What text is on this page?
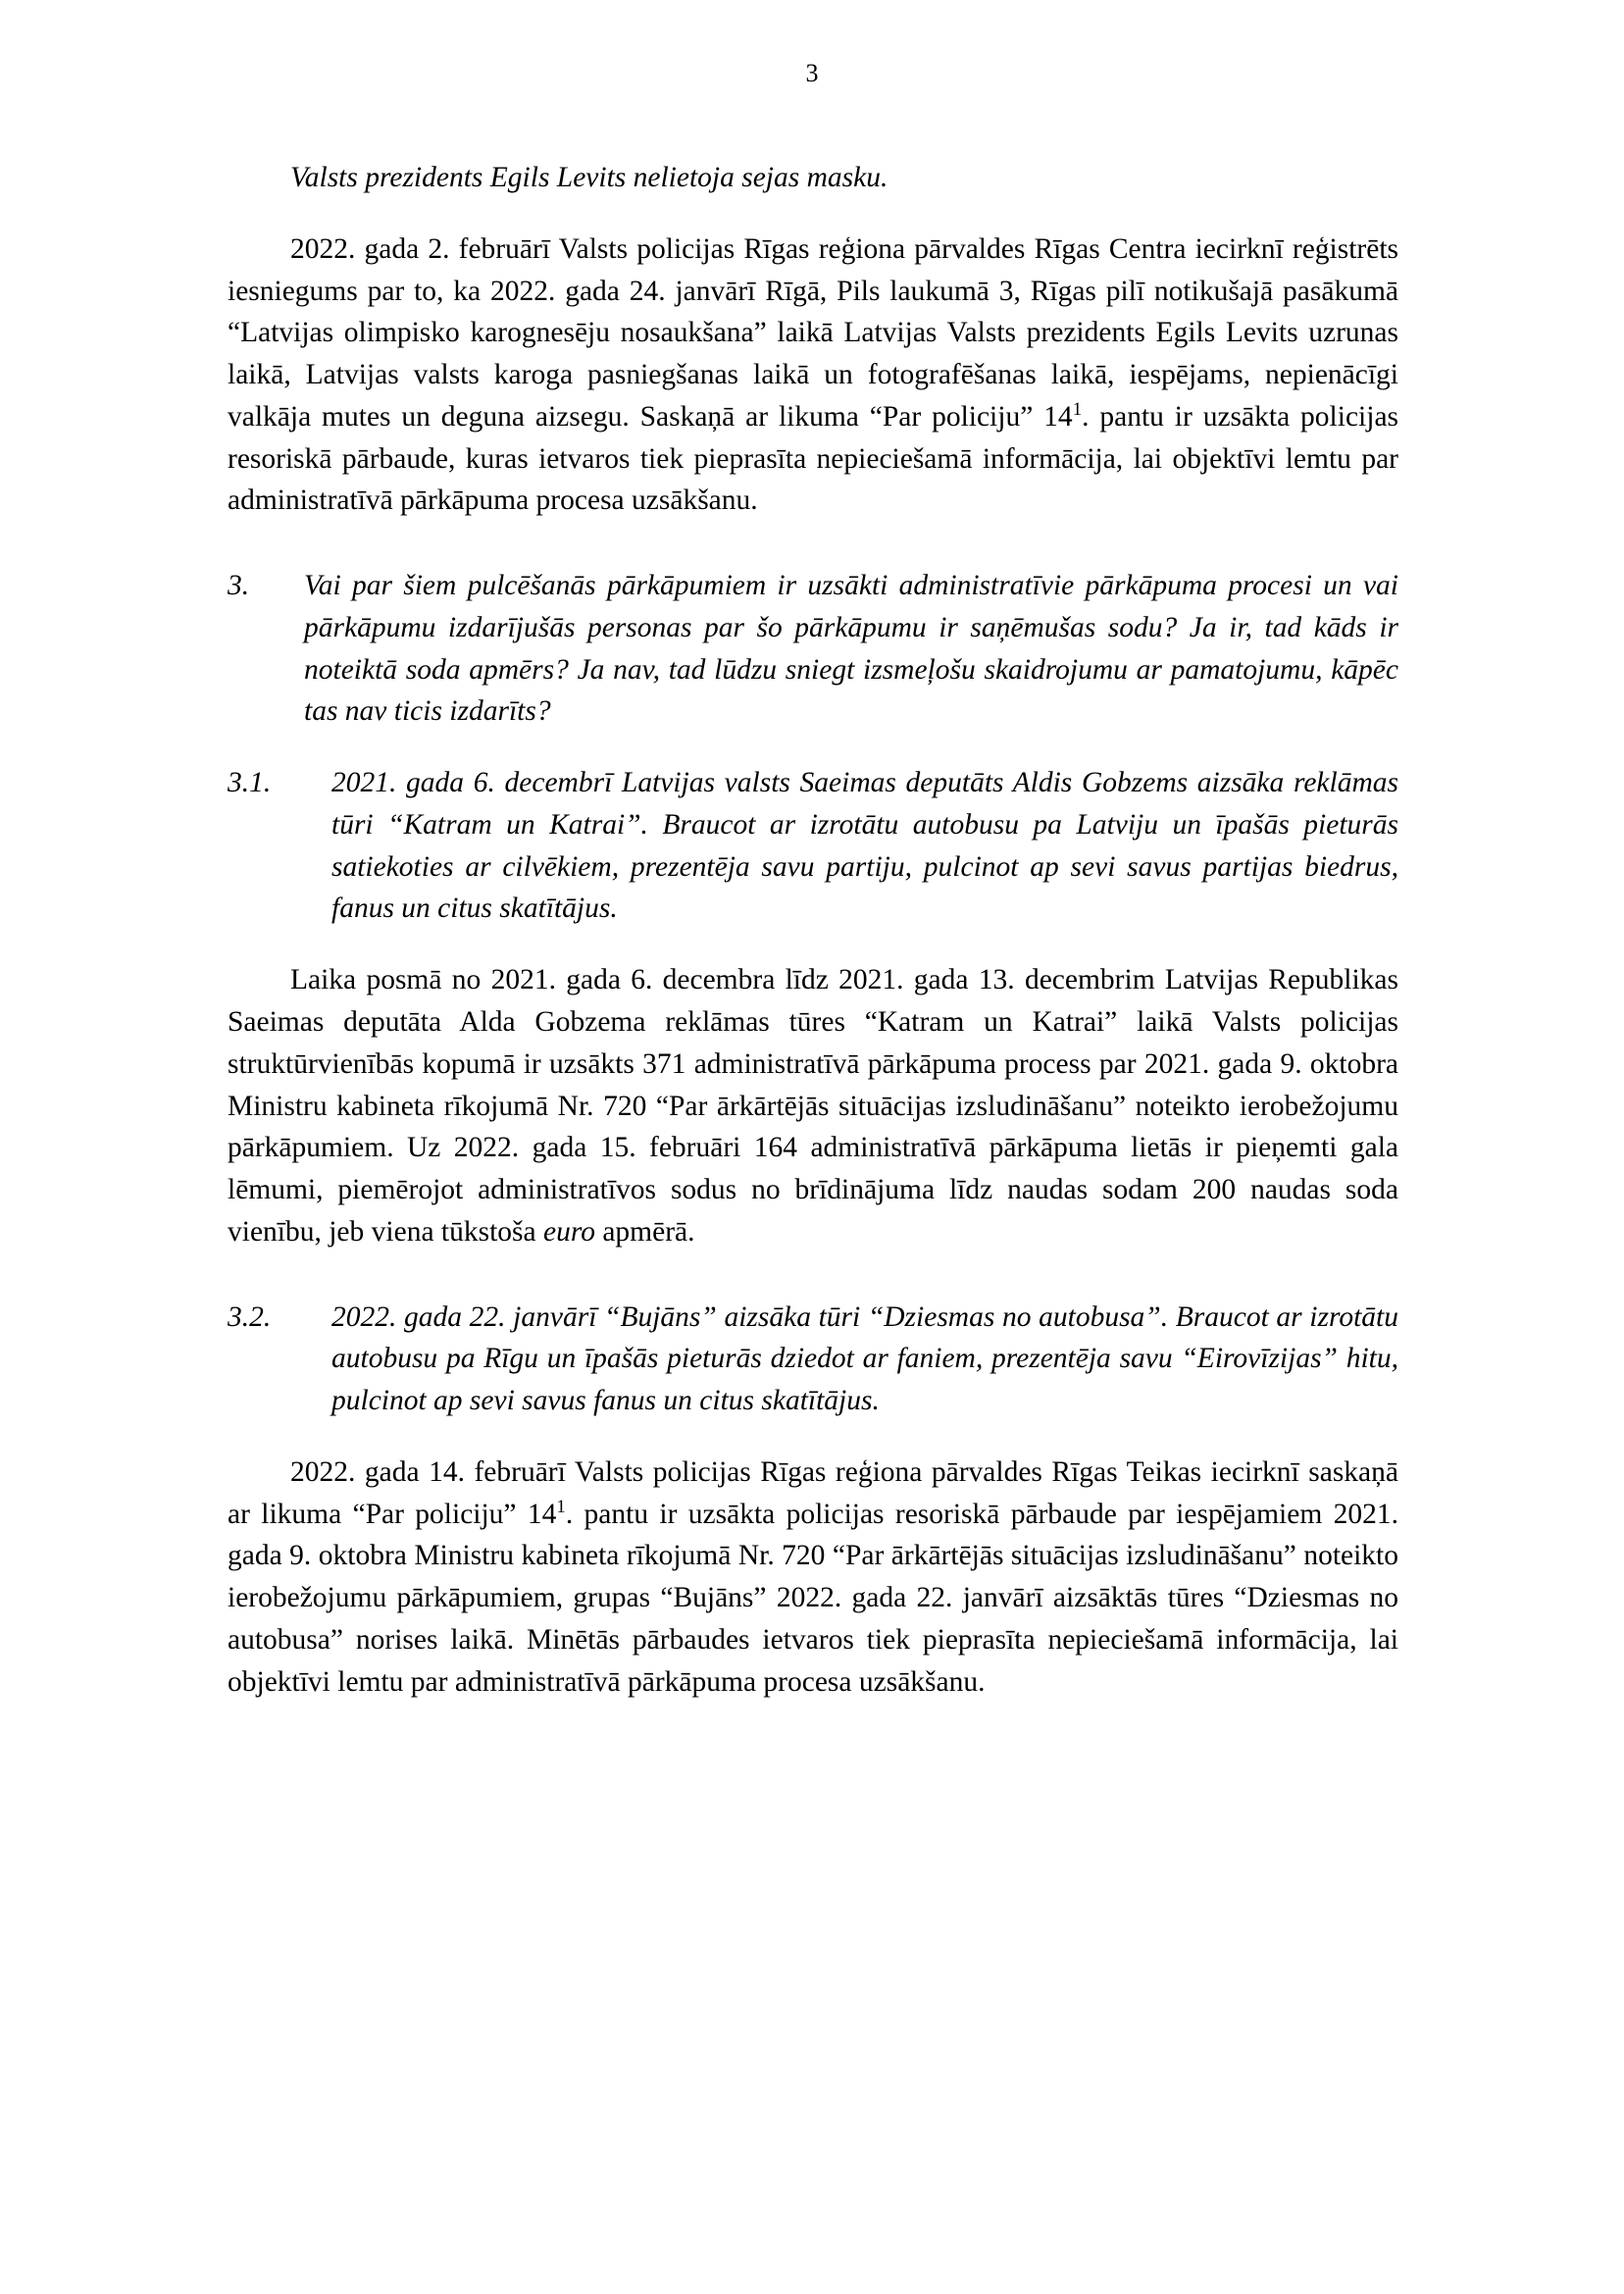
3

Valsts prezidents Egils Levits nelietoja sejas masku.

2022. gada 2. februārī Valsts policijas Rīgas reģiona pārvaldes Rīgas Centra iecirknī reģistrēts iesniegums par to, ka 2022. gada 24. janvārī Rīgā, Pils laukumā 3, Rīgas pilī notikušajā pasākumā “Latvijas olimpisko karognesēju nosaukšana” laikā Latvijas Valsts prezidents Egils Levits uzrunas laikā, Latvijas valsts karoga pasniegšanas laikā un fotografēšanas laikā, iespējams, nepienācīgi valkāja mutes un deguna aizsegu. Saskaņā ar likuma “Par policiju” $14^1$. pantu ir uzsākta policijas resoriskā pārbaude, kuras ietvaros tiek pieprasīta nepieciešamā informācija, lai objektīvi lemtu par administratīvā pārkāpuma procesa uzsākšanu.

3.	Vai par šiem pulcēšanās pārkāpumiem ir uzsākti administratīvie pārkāpuma procesi un vai pārkāpumu izdarījušās personas par šo pārkāpumu ir saņēmušas sodu? Ja ir, tad kāds ir noteiktā soda apmērs? Ja nav, tad lūdzu sniegt izsmeļošu skaidrojumu ar pamatojumu, kāpēc tas nav ticis izdarīts?
3.1.	2021. gada 6. decembrī Latvijas valsts Saeimas deputāts Aldis Gobzems aizsāka reklāmas tūri “Katram un Katrai”. Braucot ar izrotātu autobusu pa Latviju un īpašās pieturās satiekoties ar cilvēkiem, prezentēja savu partiju, pulcinot ap sevi savus partijas biedrus, fanus un citus skatītājus.

Laika posmā no 2021. gada 6. decembra līdz 2021. gada 13. decembrim Latvijas Republikas Saeimas deputāta Alda Gobzema reklāmas tūres “Katram un Katrai” laikā Valsts policijas struktūrvienībās kopumā ir uzsākts 371 administratīvā pārkāpuma process par 2021. gada 9. oktobra Ministru kabineta rīkojumā Nr. 720 “Par ārkārtējās situācijas izsludināšanu” noteikto ierobežojumu pārkāpumiem. Uz 2022. gada 15. februāri 164 administratīvā pārkāpuma lietās ir pieņemti gala lēmumi, piemērojot administratīvos sodus no brīdinājuma līdz naudas sodam 200 naudas soda vienību, jeb viena tūkstoša euro apmērā.

3.2.	2022. gada 22. janvārī “Bujāns” aizsāka tūri “Dziesmas no autobusa”. Braucot ar izrotātu autobusu pa Rīgu un īpašās pieturās dziedot ar faniem, prezentēja savu “Eirovīzijas” hitu, pulcinot ap sevi savus fanus un citus skatītājus.

2022. gada 14. februārī Valsts policijas Rīgas reģiona pārvaldes Rīgas Teikas iecirknī saskaņā ar likuma “Par policiju” $14^1$. pantu ir uzsākta policijas resoriskā pārbaude par iespējamiem 2021. gada 9. oktobra Ministru kabineta rīkojumā Nr. 720 “Par ārkārtējās situācijas izsludināšanu” noteikto ierobežojumu pārkāpumiem, grupas “Bujāns” 2022. gada 22. janvārī aizsāktās tūres “Dziesmas no autobusa” norises laikā. Minētās pārbaudes ietvaros tiek pieprasīta nepieciešamā informācija, lai objektīvi lemtu par administratīvā pārkāpuma procesa uzsākšanu.
